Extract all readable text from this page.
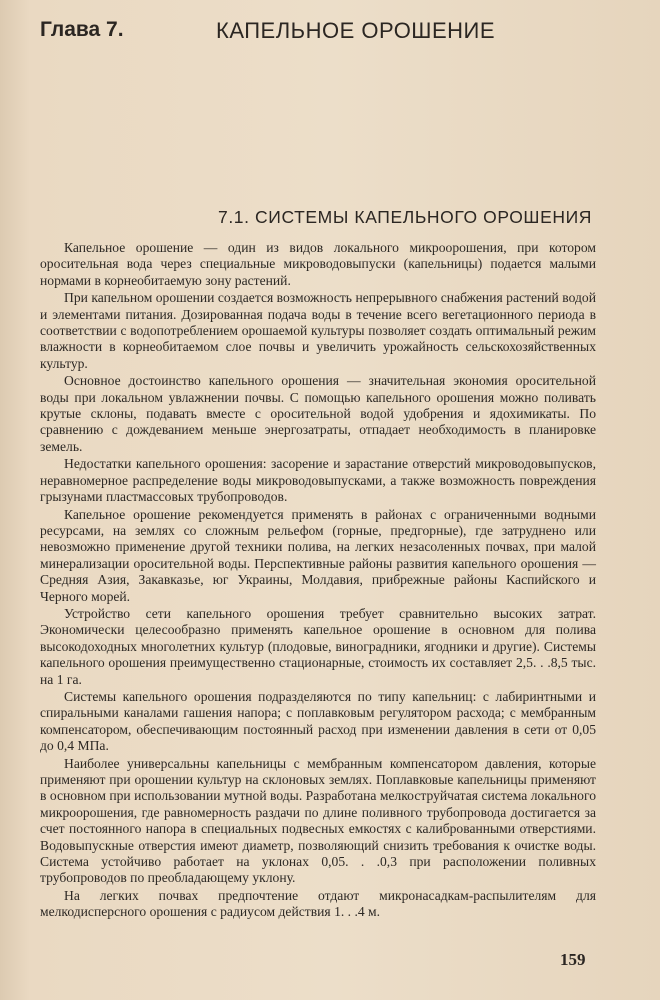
Глава 7.	КАПЕЛЬНОЕ ОРОШЕНИЕ
7.1. СИСТЕМЫ КАПЕЛЬНОГО ОРОШЕНИЯ

Капельное орошение — один из видов локального микроорошения, при котором оросительная вода через специальные микроводовыпуски (капельницы) подается малыми нормами в корнеобитаемую зону растений.

При капельном орошении создается возможность непрерывного снабжения растений водой и элементами питания. Дозированная подача воды в течение всего вегетационного периода в соответствии с водопотреблением орошаемой культуры позволяет создать оптимальный режим влажности в корнеобитаемом слое почвы и увеличить урожайность сельскохозяйственных культур.

Основное достоинство капельного орошения — значительная экономия оросительной воды при локальном увлажнении почвы. С помощью капельного орошения можно поливать крутые склоны, подавать вместе с оросительной водой удобрения и ядохимикаты. По сравнению с дождеванием меньше энергозатраты, отпадает необходимость в планировке земель.

Недостатки капельного орошения: засорение и зарастание отверстий микроводовыпусков, неравномерное распределение воды микроводовыпусками, а также возможность повреждения грызунами пластмассовых трубопроводов.

Капельное орошение рекомендуется применять в районах с ограниченными водными ресурсами, на землях со сложным рельефом (горные, предгорные), где затруднено или невозможно применение другой техники полива, на легких незасоленных почвах, при малой минерализации оросительной воды. Перспективные районы развития капельного орошения — Средняя Азия, Закавказье, юг Украины, Молдавия, прибрежные районы Каспийского и Черного морей.

Устройство сети капельного орошения требует сравнительно высоких затрат. Экономически целесообразно применять капельное орошение в основном для полива высокодоходных многолетних культур (плодовые, виноградники, ягодники и другие). Системы капельного орошения преимущественно стационарные, стоимость их составляет 2,5. . .8,5 тыс. на 1 га.

Системы капельного орошения подразделяются по типу капельниц: с лабиринтными и спиральными каналами гашения напора; с поплавковым регулятором расхода; с мембранным компенсатором, обеспечивающим постоянный расход при изменении давления в сети от 0,05 до 0,4 МПа.

Наиболее универсальны капельницы с мембранным компенсатором давления, которые применяют при орошении культур на склоновых землях. Поплавковые капельницы применяют в основном при использовании мутной воды. Разработана мелкоструйчатая система локального микроорошения, где равномерность раздачи по длине поливного трубопровода достигается за счет постоянного напора в специальных подвесных емкостях с калиброванными отверстиями. Водовыпускные отверстия имеют диаметр, позволяющий снизить требования к очистке воды. Система устойчиво работает на уклонах 0,05. . .0,3 при расположении поливных трубопроводов по преобладающему уклону.

На легких почвах предпочтение отдают микронасадкам-распылителям для мелкодисперсного орошения с радиусом действия 1. . .4 м.

159
